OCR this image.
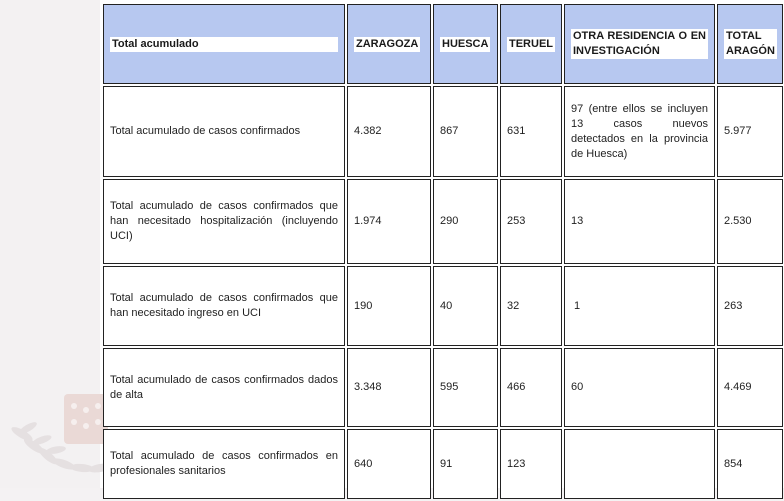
Total acumulado	ZARAGOZA	HUESCA	TERUEL	OTRA RESIDENCIA O EN INVESTIGACIÓN	TOTAL ARAGÓN
Total acumulado de casos confirmados	4.382	867	631	97 (entre ellos se incluyen 13 casos nuevos detectados en la provincia de Huesca)	5.977
Total acumulado de casos confirmados que han necesitado hospitalización (incluyendo UCI)	1.974	290	253	13	2.530
Total acumulado de casos confirmados que han necesitado ingreso en UCI	190	40	32	1	263
Total acumulado de casos confirmados dados de alta	3.348	595	466	60	4.469
Total acumulado de casos confirmados en profesionales sanitarios	640	91	123		854
